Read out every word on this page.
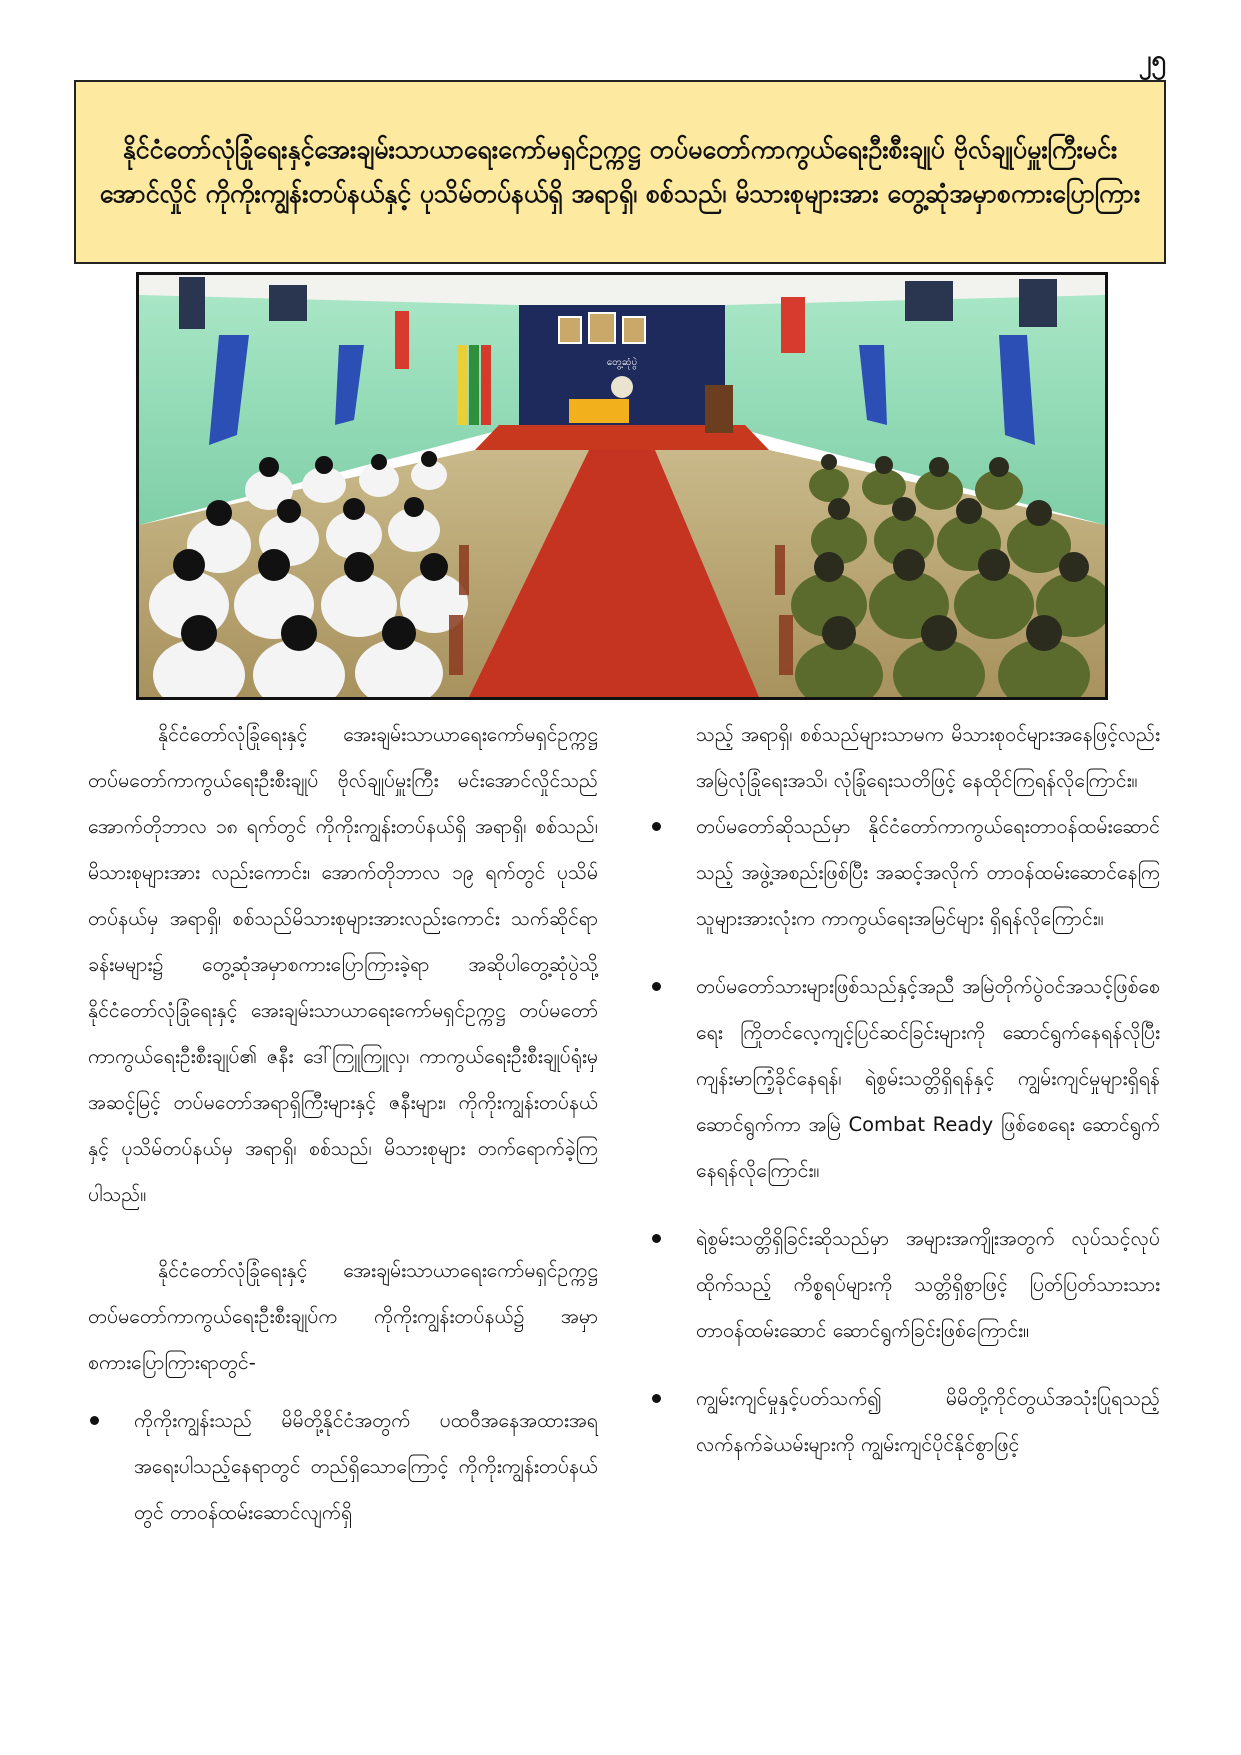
၂၅
နိုင်ငံတော်လုံခြုံရေးနှင့်အေးချမ်းသာယာရေးကော်မရှင်ဥက္ကဋ္ဌ တပ်မတော်ကာကွယ်ရေးဦးစီးချုပ် ဗိုလ်ချုပ်မှူးကြီးမင်းအောင်လှိုင် ကိုကိုးကျွန်းတပ်နယ်နှင့် ပုသိမ်တပ်နယ်ရှိ အရာရှိ၊ စစ်သည်၊ မိသားစုများအား တွေ့ဆုံအမှာစကားပြောကြား
တွေ့ဆုံပွဲ

နိုင်ငံတော်လုံခြုံရေးနှင့် အေးချမ်းသာယာရေးကော်မရှင်ဥက္ကဋ္ဌ တပ်မတော်ကာကွယ်ရေးဦးစီးချုပ် ဗိုလ်ချုပ်မှူးကြီး မင်းအောင်လှိုင်သည် အောက်တိုဘာလ ၁၈ ရက်တွင် ကိုကိုးကျွန်းတပ်နယ်ရှိ အရာရှိ၊ စစ်သည်၊ မိသားစုများအား လည်းကောင်း၊ အောက်တိုဘာလ ၁၉ ရက်တွင် ပုသိမ်တပ်နယ်မှ အရာရှိ၊ စစ်သည်မိသားစုများအားလည်းကောင်း သက်ဆိုင်ရာခန်းမများ၌ တွေ့ဆုံအမှာစကားပြောကြားခဲ့ရာ အဆိုပါတွေ့ဆုံပွဲသို့ နိုင်ငံတော်လုံခြုံရေးနှင့် အေးချမ်းသာယာရေးကော်မရှင်ဥက္ကဋ္ဌ တပ်မတော်ကာကွယ်ရေးဦးစီးချုပ်၏ ဇနီး ဒေါ်ကြူကြူလှ၊ ကာကွယ်ရေးဦးစီးချုပ်ရုံးမှ အဆင့်မြင့် တပ်မတော်အရာရှိကြီးများနှင့် ဇနီးများ၊ ကိုကိုးကျွန်းတပ်နယ်နှင့် ပုသိမ်တပ်နယ်မှ အရာရှိ၊ စစ်သည်၊ မိသားစုများ တက်ရောက်ခဲ့ကြပါသည်။

နိုင်ငံတော်လုံခြုံရေးနှင့် အေးချမ်းသာယာရေးကော်မရှင်ဥက္ကဋ္ဌ တပ်မတော်ကာကွယ်ရေးဦးစီးချုပ်က ကိုကိုးကျွန်းတပ်နယ်၌ အမှာစကားပြောကြားရာတွင်-

ကိုကိုးကျွန်းသည် မိမိတို့နိုင်ငံအတွက် ပထဝီအနေအထားအရ အရေးပါသည့်နေရာတွင် တည်ရှိသောကြောင့် ကိုကိုးကျွန်းတပ်နယ်တွင် တာဝန်ထမ်းဆောင်လျက်ရှိ

သည့် အရာရှိ၊ စစ်သည်များသာမက မိသားစုဝင်များအနေဖြင့်လည်း အမြဲလုံခြုံရေးအသိ၊ လုံခြုံရေးသတိဖြင့် နေထိုင်ကြရန်လိုကြောင်း။

တပ်မတော်ဆိုသည်မှာ နိုင်ငံတော်ကာကွယ်ရေးတာဝန်ထမ်းဆောင်သည့် အဖွဲ့အစည်းဖြစ်ပြီး အဆင့်အလိုက် တာဝန်ထမ်းဆောင်နေကြသူများအားလုံးက ကာကွယ်ရေးအမြင်များ ရှိရန်လိုကြောင်း။
တပ်မတော်သားများဖြစ်သည်နှင့်အညီ အမြဲတိုက်ပွဲဝင်အသင့်ဖြစ်စေရေး ကြိုတင်လေ့ကျင့်ပြင်ဆင်ခြင်းများကို ဆောင်ရွက်နေရန်လိုပြီး ကျန်းမာကြံ့ခိုင်နေရန်၊ ရဲစွမ်းသတ္တိရှိရန်နှင့် ကျွမ်းကျင်မှုများရှိရန် ဆောင်ရွက်ကာ အမြဲ Combat Ready ဖြစ်စေရေး ဆောင်ရွက်နေရန်လိုကြောင်း။
ရဲစွမ်းသတ္တိရှိခြင်းဆိုသည်မှာ အများအကျိုးအတွက် လုပ်သင့်လုပ်ထိုက်သည့် ကိစ္စရပ်များကို သတ္တိရှိစွာဖြင့် ပြတ်ပြတ်သားသားတာဝန်ထမ်းဆောင် ဆောင်ရွက်ခြင်းဖြစ်ကြောင်း။
ကျွမ်းကျင်မှုနှင့်ပတ်သက်၍ မိမိတို့ကိုင်တွယ်အသုံးပြုရသည့် လက်နက်ခဲယမ်းများကို ကျွမ်းကျင်ပိုင်နိုင်စွာဖြင့်
